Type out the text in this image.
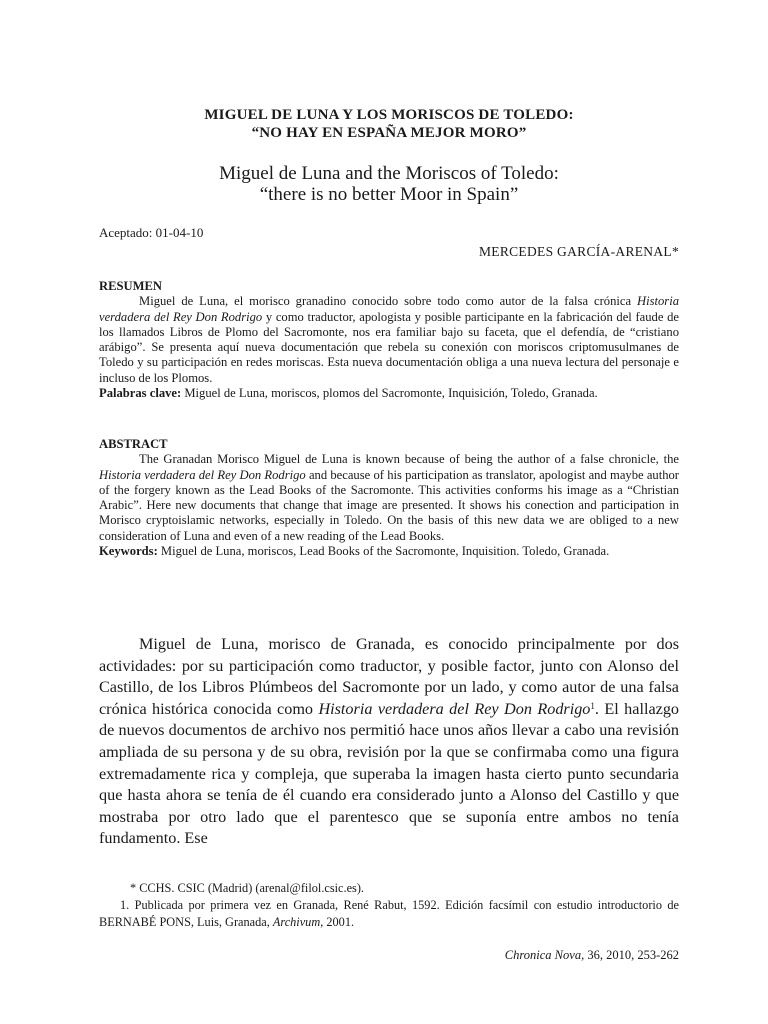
MIGUEL DE LUNA Y LOS MORISCOS DE TOLEDO:
“NO HAY EN ESPAÑA MEJOR MORO”
Miguel de Luna and the Moriscos of Toledo:
“there is no better Moor in Spain”
Aceptado: 01-04-10
MERCEDES GARCÍA-ARENAL*

RESUMEN

Miguel de Luna, el morisco granadino conocido sobre todo como autor de la falsa crónica Historia verdadera del Rey Don Rodrigo y como traductor, apologista y posible participante en la fabricación del faude de los llamados Libros de Plomo del Sacromonte, nos era familiar bajo su faceta, que el defendía, de “cristiano arábigo”. Se presenta aquí nueva documentación que rebela su conexión con moriscos criptomusulmanes de Toledo y su participación en redes moriscas. Esta nueva documentación obliga a una nueva lectura del personaje e incluso de los Plomos.

Palabras clave: Miguel de Luna, moriscos, plomos del Sacromonte, Inquisición, Toledo, Granada.

ABSTRACT

The Granadan Morisco Miguel de Luna is known because of being the author of a false chronicle, the Historia verdadera del Rey Don Rodrigo and because of his participation as translator, apologist and maybe author of the forgery known as the Lead Books of the Sacromonte. This activities conforms his image as a “Christian Arabic”. Here new documents that change that image are presented. It shows his conection and participation in Morisco cryptoislamic networks, especially in Toledo. On the basis of this new data we are obliged to a new consideration of Luna and even of a new reading of the Lead Books.

Keywords: Miguel de Luna, moriscos, Lead Books of the Sacromonte, Inquisition. Toledo, Granada.

Miguel de Luna, morisco de Granada, es conocido principalmente por dos actividades: por su participación como traductor, y posible factor, junto con Alonso del Castillo, de los Libros Plúmbeos del Sacromonte por un lado, y como autor de una falsa crónica histórica conocida como Historia verdadera del Rey Don Rodrigo$^1$. El hallazgo de nuevos documentos de archivo nos permitió hace unos años llevar a cabo una revisión ampliada de su persona y de su obra, revisión por la que se confirmaba como una figura extremadamente rica y compleja, que superaba la imagen hasta cierto punto secundaria que hasta ahora se tenía de él cuando era considerado junto a Alonso del Castillo y que mostraba por otro lado que el parentesco que se suponía entre ambos no tenía fundamento. Ese

* CCHS. CSIC (Madrid) (arenal@filol.csic.es).
1. Publicada por primera vez en Granada, René Rabut, 1592. Edición facsímil con estudio introductorio de BERNABÉ PONS, Luis, Granada, Archivum, 2001.
Chronica Nova, 36, 2010, 253-262
